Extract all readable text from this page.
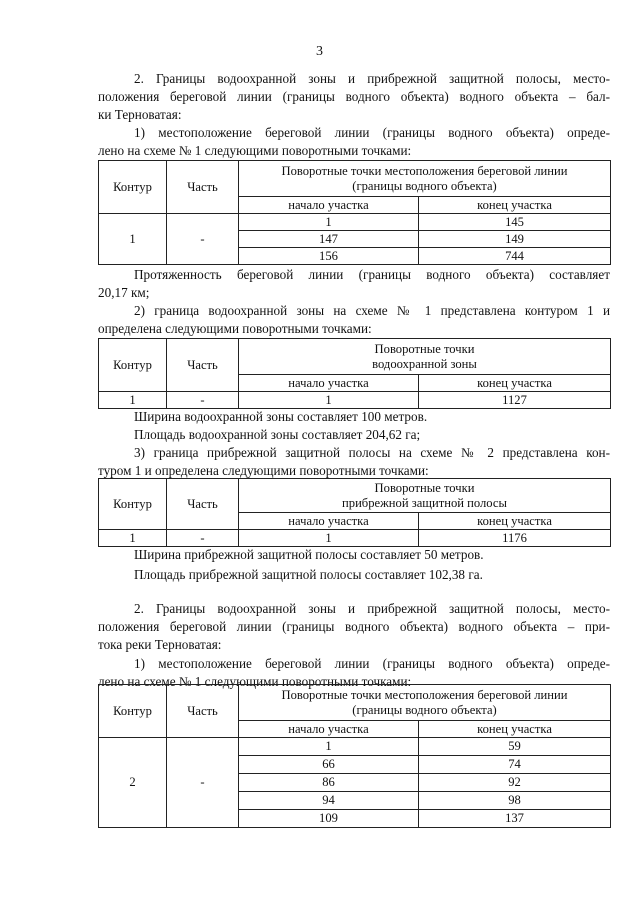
3

2. Границы водоохранной зоны и прибрежной защитной полосы, место-

положения береговой линии (границы водного объекта) водного объекта – бал-

ки Терноватая:

1) местоположение береговой линии (границы водного объекта) опреде-

лено на схеме № 1 следующими поворотными точками:

Контур	Часть	Поворотные точки местоположения береговой линии
(границы водного объекта)	

		начало участка	конец участка
1	-	1	145
		147	149
		156	744

Протяженность береговой линии (границы водного объекта) составляет

20,17 км;

2) граница водоохранной зоны на схеме № 1 представлена контуром 1 и

определена следующими поворотными точками:

Контур	Часть	Поворотные точки
водоохранной зоны	

		начало участка	конец участка
1	-	1	1127

Ширина водоохранной зоны составляет 100 метров.

Площадь водоохранной зоны составляет 204,62 га;

3) граница прибрежной защитной полосы на схеме № 2 представлена кон-

туром 1 и определена следующими поворотными точками:

Контур	Часть	Поворотные точки
прибрежной защитной полосы	

		начало участка	конец участка
1	-	1	1176

Ширина прибрежной защитной полосы составляет 50 метров.

Площадь прибрежной защитной полосы составляет 102,38 га.

2. Границы водоохранной зоны и прибрежной защитной полосы, место-

положения береговой линии (границы водного объекта) водного объекта – при-

тока реки Терноватая:

1) местоположение береговой линии (границы водного объекта) опреде-

лено на схеме № 1 следующими поворотными точками:

Контур	Часть	Поворотные точки местоположения береговой линии
(границы водного объекта)	

		начало участка	конец участка
2	-	1	59
		66	74
		86	92
		94	98
		109	137
